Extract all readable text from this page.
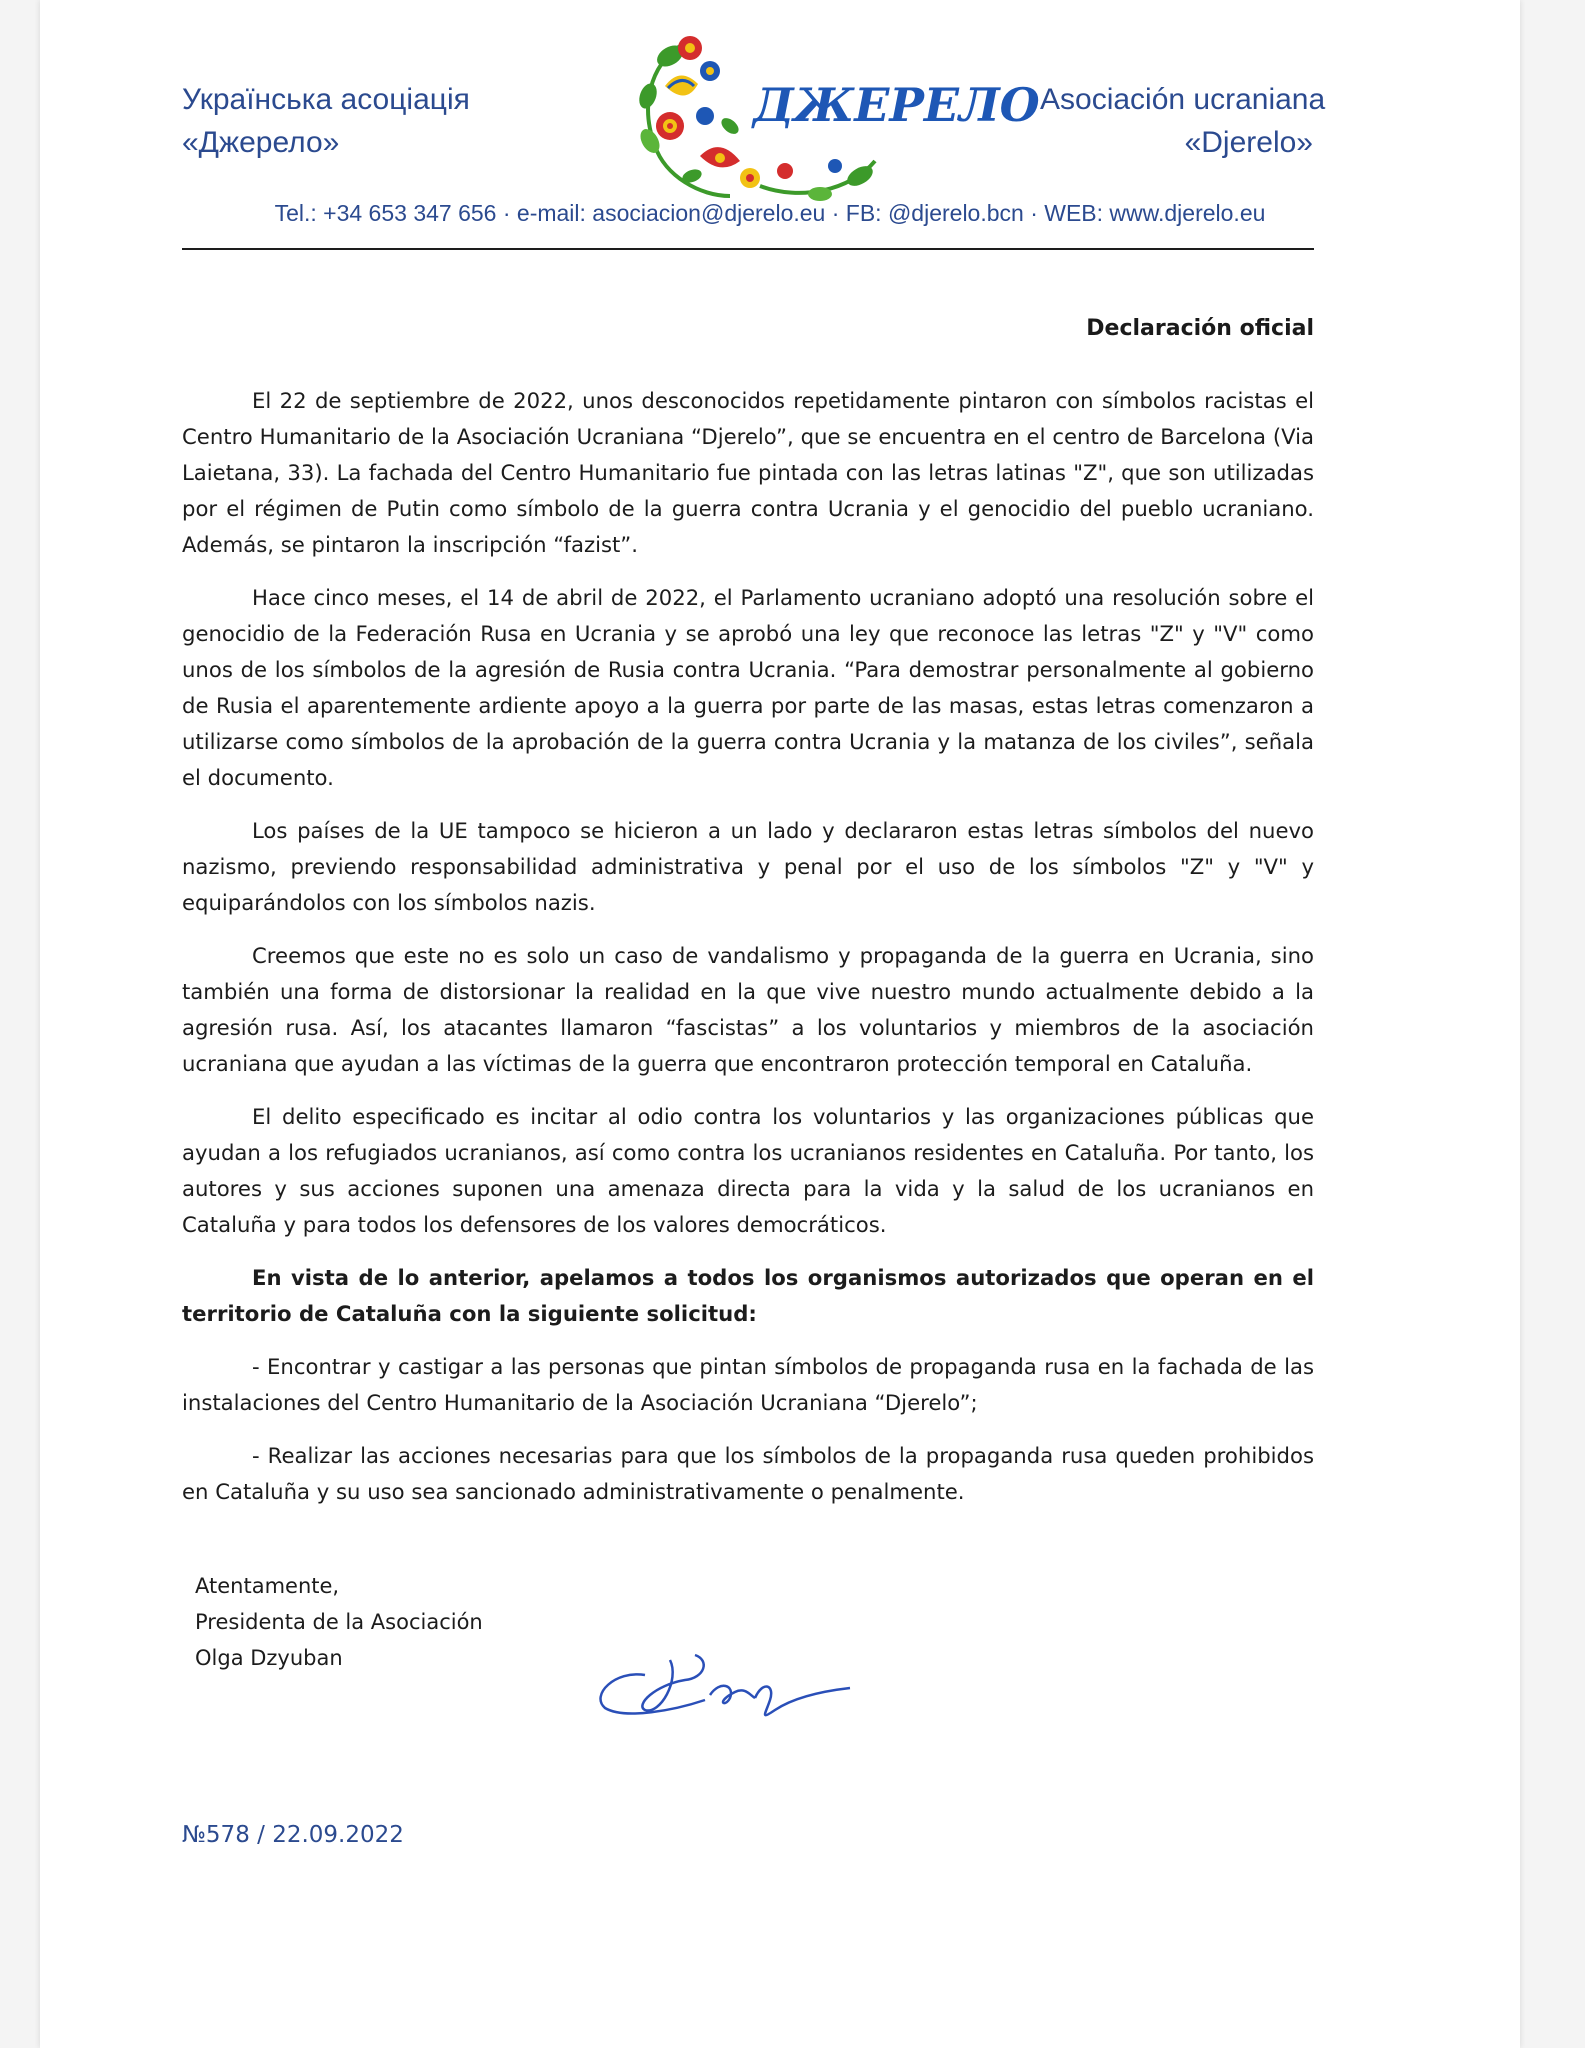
Українська асоціація
«Джерело»
ДЖЕРЕЛО Asociación ucraniana
«Djerelo»
Tel.: +34 653 347 656 · e-mail: asociacion@djerelo.eu · FB: @djerelo.bcn · WEB: www.djerelo.eu
Declaración oficial

El 22 de septiembre de 2022, unos desconocidos repetidamente pintaron con símbolos racistas el Centro Humanitario de la Asociación Ucraniana “Djerelo”, que se encuentra en el centro de Barcelona (Via Laietana, 33). La fachada del Centro Humanitario fue pintada con las letras latinas "Z", que son utilizadas por el régimen de Putin como símbolo de la guerra contra Ucrania y el genocidio del pueblo ucraniano. Además, se pintaron la inscripción “fazist”.

Hace cinco meses, el 14 de abril de 2022, el Parlamento ucraniano adoptó una resolución sobre el genocidio de la Federación Rusa en Ucrania y se aprobó una ley que reconoce las letras "Z" y "V" como unos de los símbolos de la agresión de Rusia contra Ucrania. “Para demostrar personalmente al gobierno de Rusia el aparentemente ardiente apoyo a la guerra por parte de las masas, estas letras comenzaron a utilizarse como símbolos de la aprobación de la guerra contra Ucrania y la matanza de los civiles”, señala el documento.

Los países de la UE tampoco se hicieron a un lado y declararon estas letras símbolos del nuevo nazismo, previendo responsabilidad administrativa y penal por el uso de los símbolos "Z" y "V" y equiparándolos con los símbolos nazis.

Creemos que este no es solo un caso de vandalismo y propaganda de la guerra en Ucrania, sino también una forma de distorsionar la realidad en la que vive nuestro mundo actualmente debido a la agresión rusa. Así, los atacantes llamaron “fascistas” a los voluntarios y miembros de la asociación ucraniana que ayudan a las víctimas de la guerra que encontraron protección temporal en Cataluña.

El delito especificado es incitar al odio contra los voluntarios y las organizaciones públicas que ayudan a los refugiados ucranianos, así como contra los ucranianos residentes en Cataluña. Por tanto, los autores y sus acciones suponen una amenaza directa para la vida y la salud de los ucranianos en Cataluña y para todos los defensores de los valores democráticos.

En vista de lo anterior, apelamos a todos los organismos autorizados que operan en el territorio de Cataluña con la siguiente solicitud:

- Encontrar y castigar a las personas que pintan símbolos de propaganda rusa en la fachada de las instalaciones del Centro Humanitario de la Asociación Ucraniana “Djerelo”;

- Realizar las acciones necesarias para que los símbolos de la propaganda rusa queden prohibidos en Cataluña y su uso sea sancionado administrativamente o penalmente.

Atentamente,
Presidenta de la Asociación
Olga Dzyuban
№578 / 22.09.2022
